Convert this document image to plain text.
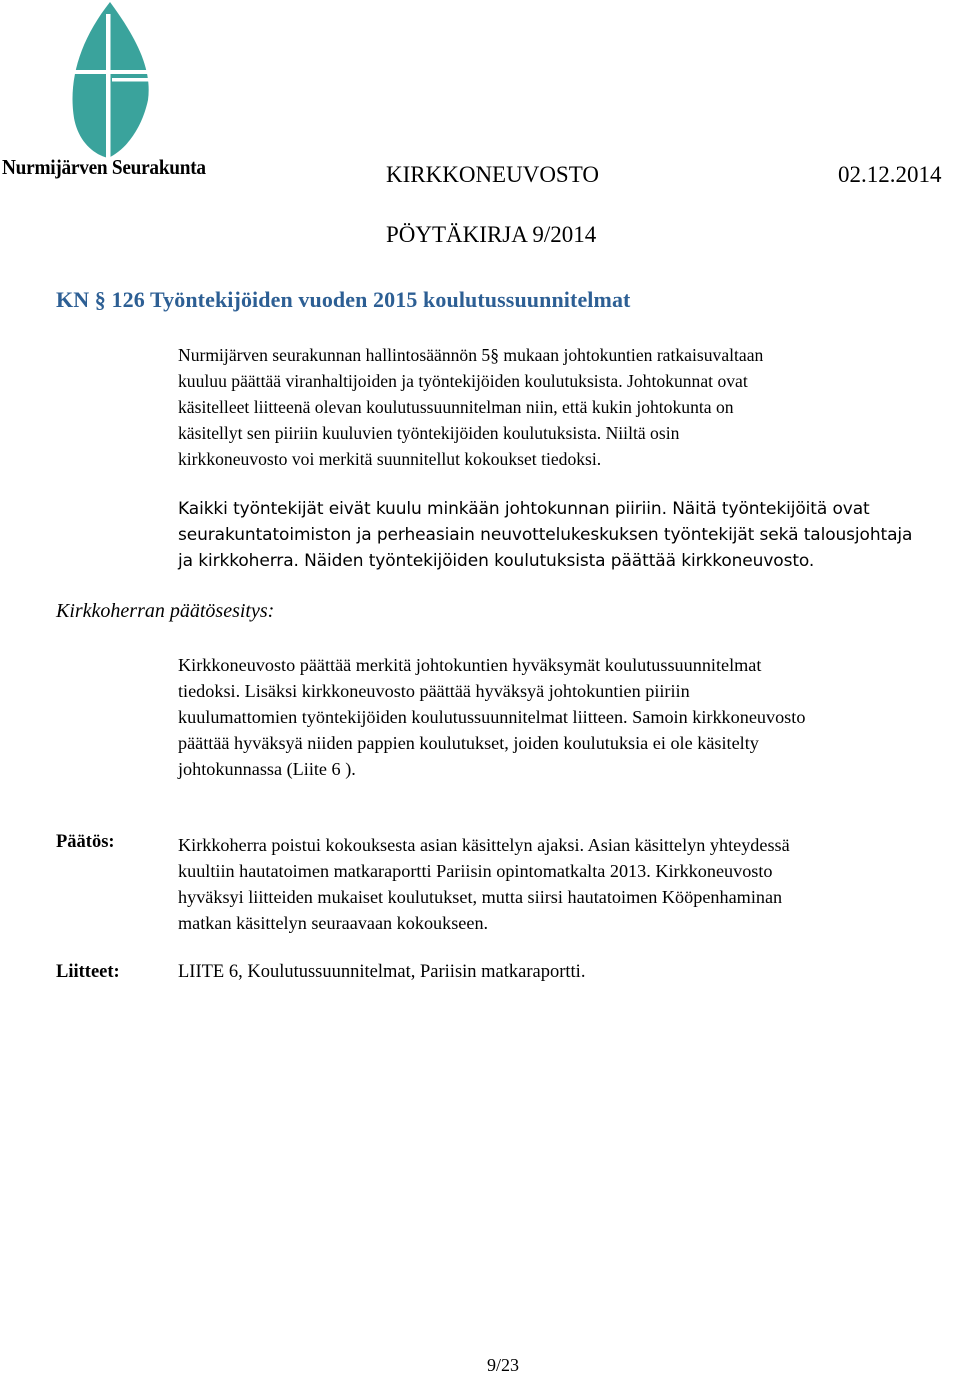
Nurmijärven Seurakunta	KIRKKONEUVOSTO	02.12.2014
PÖYTÄKIRJA 9/2014
KN § 126 Työntekijöiden vuoden 2015 koulutussuunnitelmat
Nurmijärven seurakunnan hallintosäännön 5§ mukaan johtokuntien ratkaisuvaltaan
kuuluu päättää viranhaltijoiden ja työntekijöiden koulutuksista. Johtokunnat ovat
käsitelleet liitteenä olevan koulutussuunnitelman niin, että kukin johtokunta on
käsitellyt sen piiriin kuuluvien työntekijöiden koulutuksista. Niiltä osin
kirkkoneuvosto voi merkitä suunnitellut kokoukset tiedoksi.
Kaikki työntekijät eivät kuulu minkään johtokunnan piiriin. Näitä työntekijöitä ovat
seurakuntatoimiston ja perheasiain neuvottelukeskuksen työntekijät sekä talousjohtaja
ja kirkkoherra. Näiden työntekijöiden koulutuksista päättää kirkkoneuvosto.
Kirkkoherran päätösesitys:
Kirkkoneuvosto päättää merkitä johtokuntien hyväksymät koulutussuunnitelmat
tiedoksi. Lisäksi kirkkoneuvosto päättää hyväksyä johtokuntien piiriin
kuulumattomien työntekijöiden koulutussuunnitelmat liitteen. Samoin kirkkoneuvosto
päättää hyväksyä niiden pappien koulutukset, joiden koulutuksia ei ole käsitelty
johtokunnassa (Liite 6 ).
Päätös:	Kirkkoherra poistui kokouksesta asian käsittelyn ajaksi. Asian käsittelyn yhteydessä
kuultiin hautatoimen matkaraportti Pariisin opintomatkalta 2013. Kirkkoneuvosto
hyväksyi liitteiden mukaiset koulutukset, mutta siirsi hautatoimen Kööpenhaminan
matkan käsittelyn seuraavaan kokoukseen.
Liitteet:	LIITE 6, Koulutussuunnitelmat, Pariisin matkaraportti.
9/23
